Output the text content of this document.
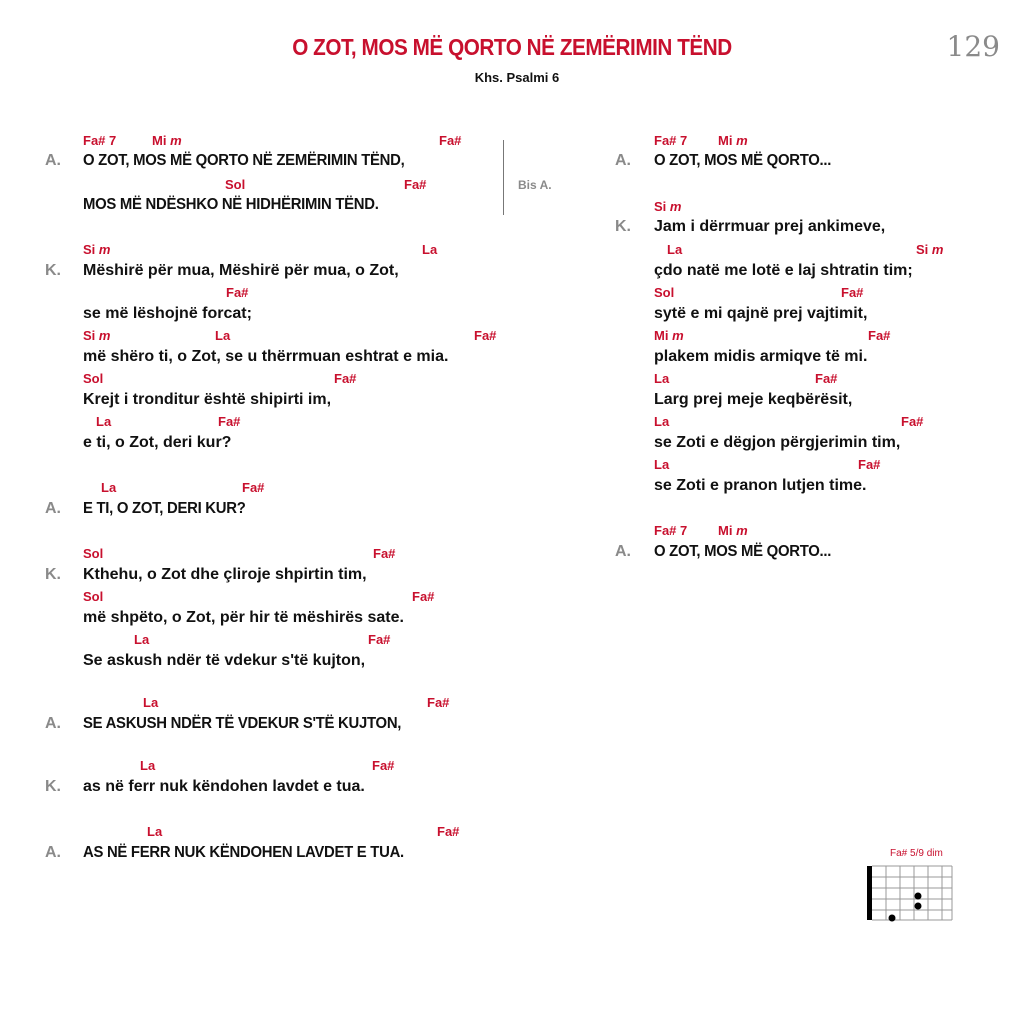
O ZOT, MOS MË QORTO NË ZEMËRIMIN TËND
Khs. Psalmi 6
129
Fa# 7	Mi m	Fa#
A. O ZOT, MOS MË QORTO NË ZEMËRIMIN TËND,
Sol	Fa#
MOS MË NDËSHKO NË HIDHËRIMIN TËND.
Si m	La
K. Mëshirë për mua, Mëshirë për mua, o Zot,
Fa#
se më lëshojnë forcat;
Si m	La	Fa#
më shëro ti, o Zot, se u thërrmuan eshtrat e mia.
Sol	Fa#
Krejt i tronditur është shipirti im,
La	Fa#
e ti, o Zot, deri kur?
La	Fa#
A. E TI, O ZOT, DERI KUR?
Sol	Fa#
K. Kthehu, o Zot dhe çliroje shpirtin tim,
Sol	Fa#
më shpëto, o Zot, për hir të mëshirës sate.
La	Fa#
Se askush ndër të vdekur s'të kujton,
La	Fa#
A. SE ASKUSH NDËR TË VDEKUR S'TË KUJTON,
La	Fa#
K. as në ferr nuk këndohen lavdet e tua.
La	Fa#
A. AS NË FERR NUK KËNDOHEN LAVDET E TUA.
Fa# 7 Mi m
A. O ZOT, MOS MË QORTO...
Si m
K. Jam i dërrmuar prej ankimeve,
La	Si m
çdo natë me lotë e laj shtratin tim;
Sol	Fa#
sytë e mi qajnë prej vajtimit,
Mi m	Fa#
plakem midis armiqve të mi.
La	Fa#
Larg prej meje keqbërësit,
La	Fa#
se Zoti e dëgjon përgjerimin tim,
La	Fa#
se Zoti e pranon lutjen time.
Fa# 7 Mi m
A. O ZOT, MOS MË QORTO...
Bis A.
Fa# 5/9 dim
